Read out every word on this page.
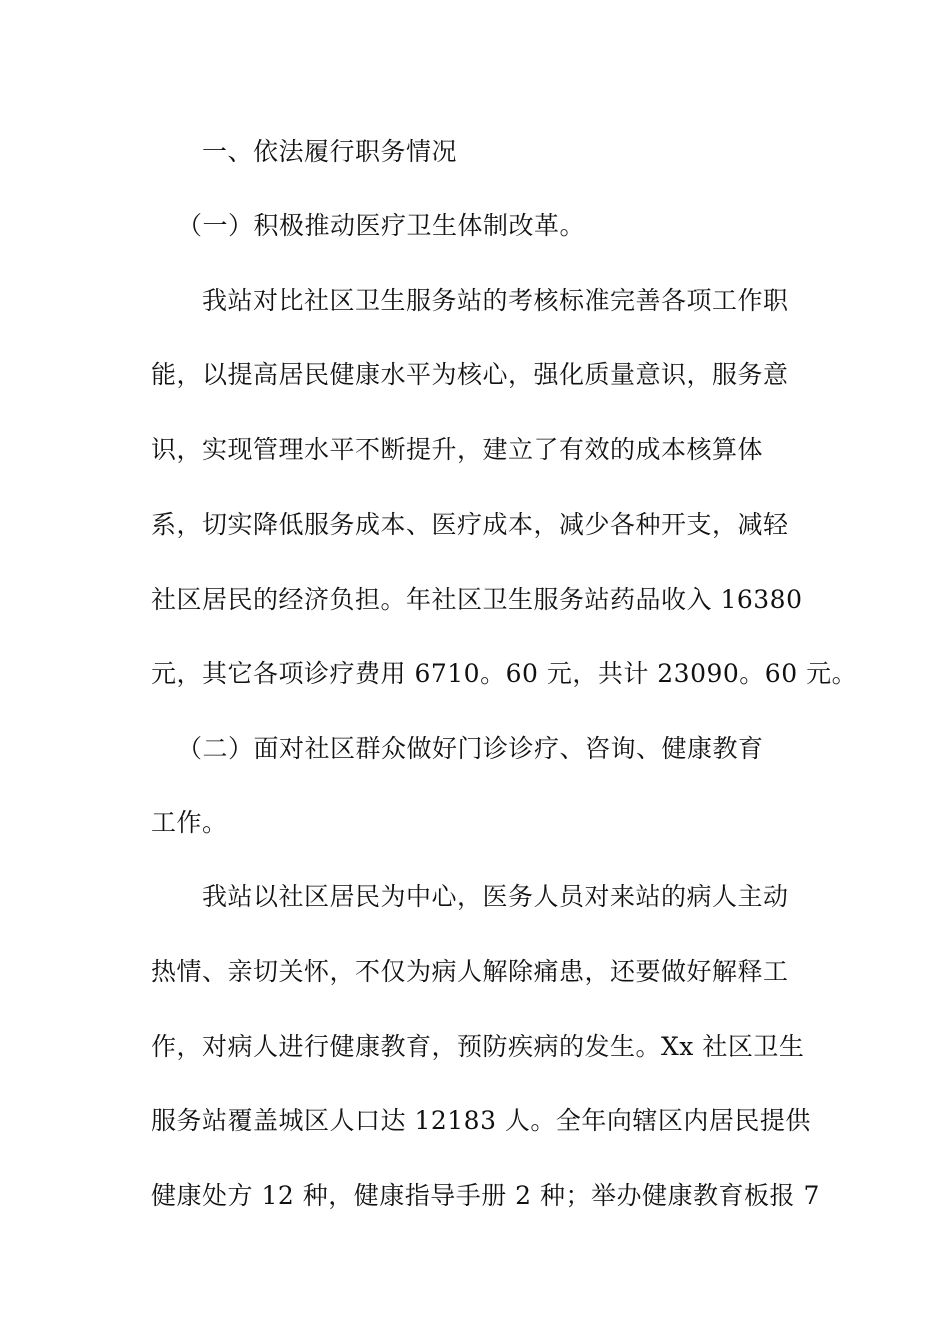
一、依法履行职务情况
（一）积极推动医疗卫生体制改革。
我站对比社区卫生服务站的考核标准完善各项工作职
能，以提高居民健康水平为核心，强化质量意识，服务意
识，实现管理水平不断提升，建立了有效的成本核算体
系，切实降低服务成本、医疗成本，减少各种开支，减轻
社区居民的经济负担。年社区卫生服务站药品收入 16380
元，其它各项诊疗费用 6710。60 元，共计 23090。60 元。
（二）面对社区群众做好门诊诊疗、咨询、健康教育
工作。
我站以社区居民为中心，医务人员对来站的病人主动
热情、亲切关怀，不仅为病人解除痛患，还要做好解释工
作，对病人进行健康教育，预防疾病的发生。Xx 社区卫生
服务站覆盖城区人口达 12183 人。全年向辖区内居民提供
健康处方 12 种，健康指导手册 2 种；举办健康教育板报 7
